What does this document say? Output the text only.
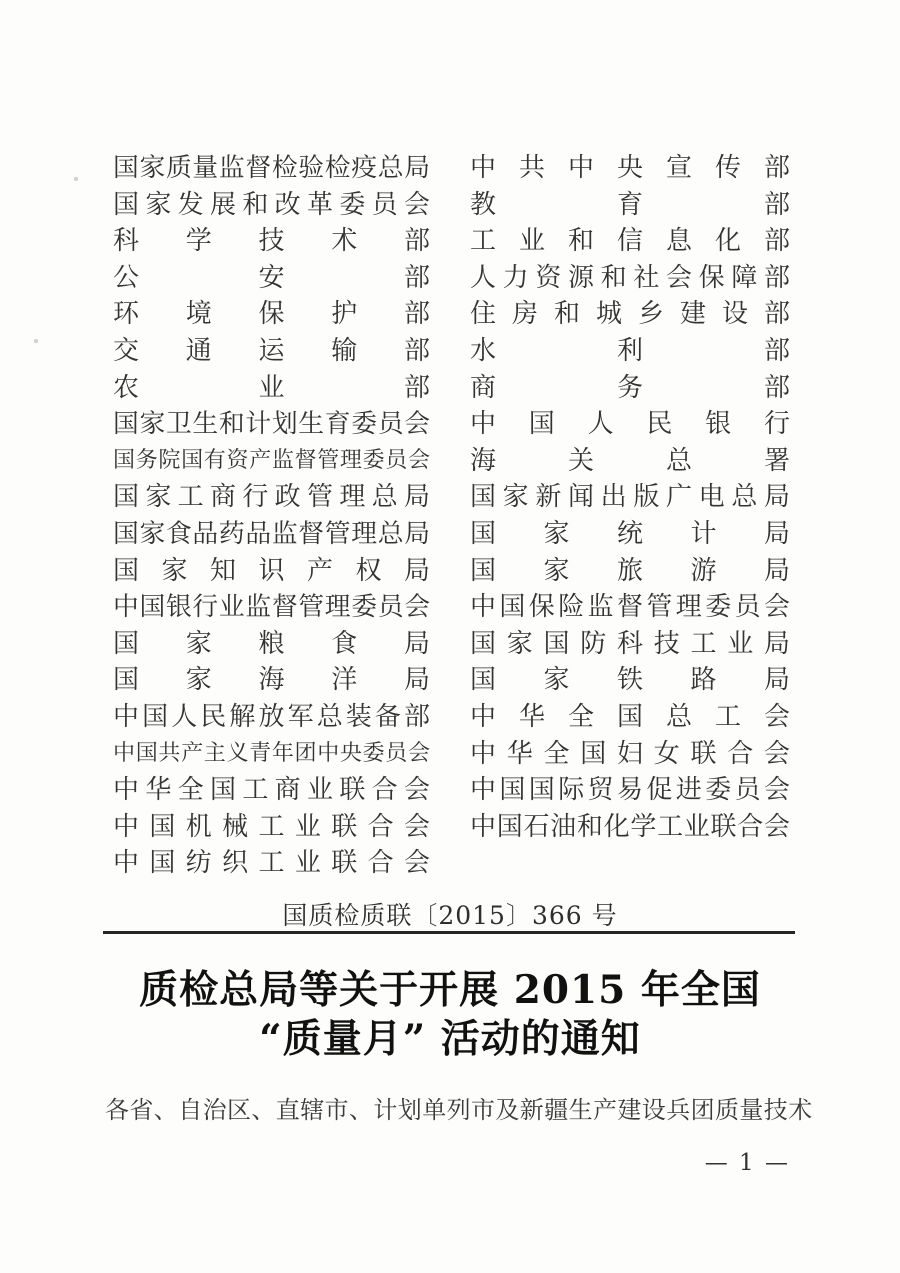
国家质量监督检验检疫总局
国家发展和改革委员会
科学技术部
公安部
环境保护部
交通运输部
农业部
国家卫生和计划生育委员会
国务院国有资产监督管理委员会
国家工商行政管理总局
国家食品药品监督管理总局
国家知识产权局
中国银行业监督管理委员会
国家粮食局
国家海洋局
中国人民解放军总装备部
中国共产主义青年团中央委员会
中华全国工商业联合会
中国机械工业联合会
中国纺织工业联合会
中共中央宣传部
教育部
工业和信息化部
人力资源和社会保障部
住房和城乡建设部
水利部
商务部
中国人民银行
海关总署
国家新闻出版广电总局
国家统计局
国家旅游局
中国保险监督管理委员会
国家国防科技工业局
国家铁路局
中华全国总工会
中华全国妇女联合会
中国国际贸易促进委员会
中国石油和化学工业联合会
国质检质联〔2015〕366 号
质检总局等关于开展 2015 年全国
“质量月” 活动的通知
各省、自治区、直辖市、计划单列市及新疆生产建设兵团质量技术
— 1 —
